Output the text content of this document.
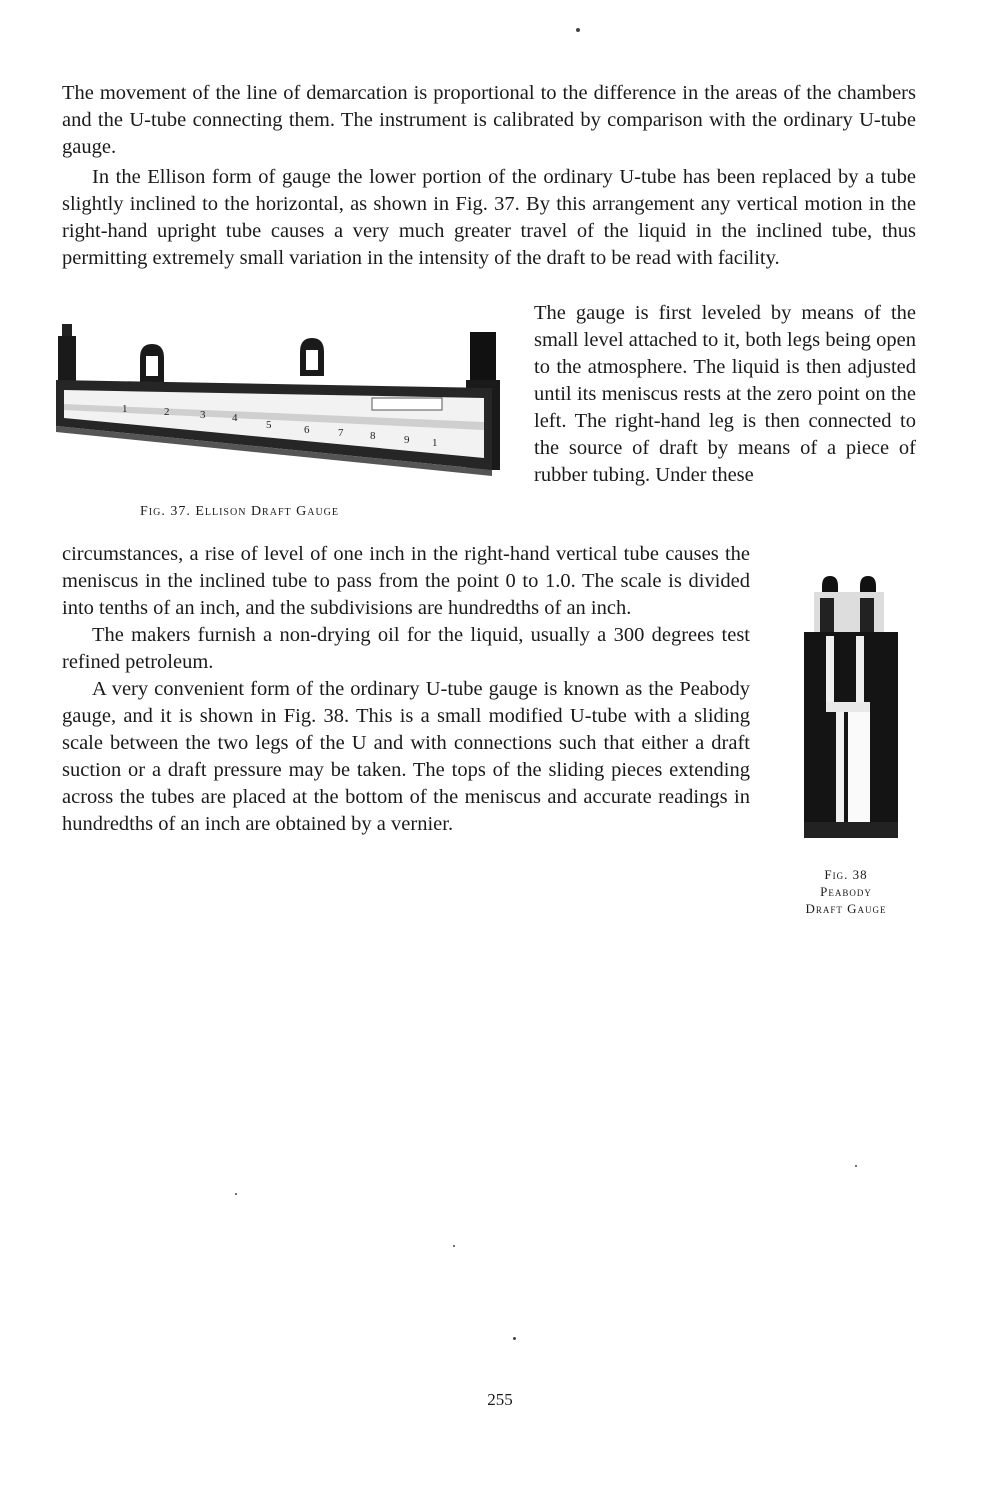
The movement of the line of demarcation is proportional to the difference in the areas of the chambers and the U-tube connecting them. The instrument is calibrated by comparison with the ordinary U-tube gauge.

In the Ellison form of gauge the lower portion of the ordinary U-tube has been replaced by a tube slightly inclined to the horizontal, as shown in Fig. 37. By this arrangement any vertical motion in the right-hand upright tube causes a very much greater travel of the liquid in the inclined tube, thus permitting extremely small variation in the intensity of the draft to be read with facility.

1	2	3 4
5	6	7 8	9 1
Fig. 37. Ellison Draft Gauge

The gauge is first leveled by means of the small level attached to it, both legs being open to the atmosphere. The liquid is then adjusted until its meniscus rests at the zero point on the left. The right-hand leg is then connected to the source of draft by means of a piece of rubber tubing. Under these

circumstances, a rise of level of one inch in the right-hand vertical tube causes the meniscus in the inclined tube to pass from the point 0 to 1.0. The scale is divided into tenths of an inch, and the subdivisions are hundredths of an inch.

The makers furnish a non-drying oil for the liquid, usually a 300 degrees test refined petroleum.

A very convenient form of the ordinary U-tube gauge is known as the Peabody gauge, and it is shown in Fig. 38. This is a small modified U-tube with a sliding scale between the two legs of the U and with connections such that either a draft suction or a draft pressure may be taken. The tops of the sliding pieces extending across the tubes are placed at the bottom of the meniscus and accurate readings in hundredths of an inch are obtained by a vernier.

Fig. 38
Peabody
Draft Gauge
255
